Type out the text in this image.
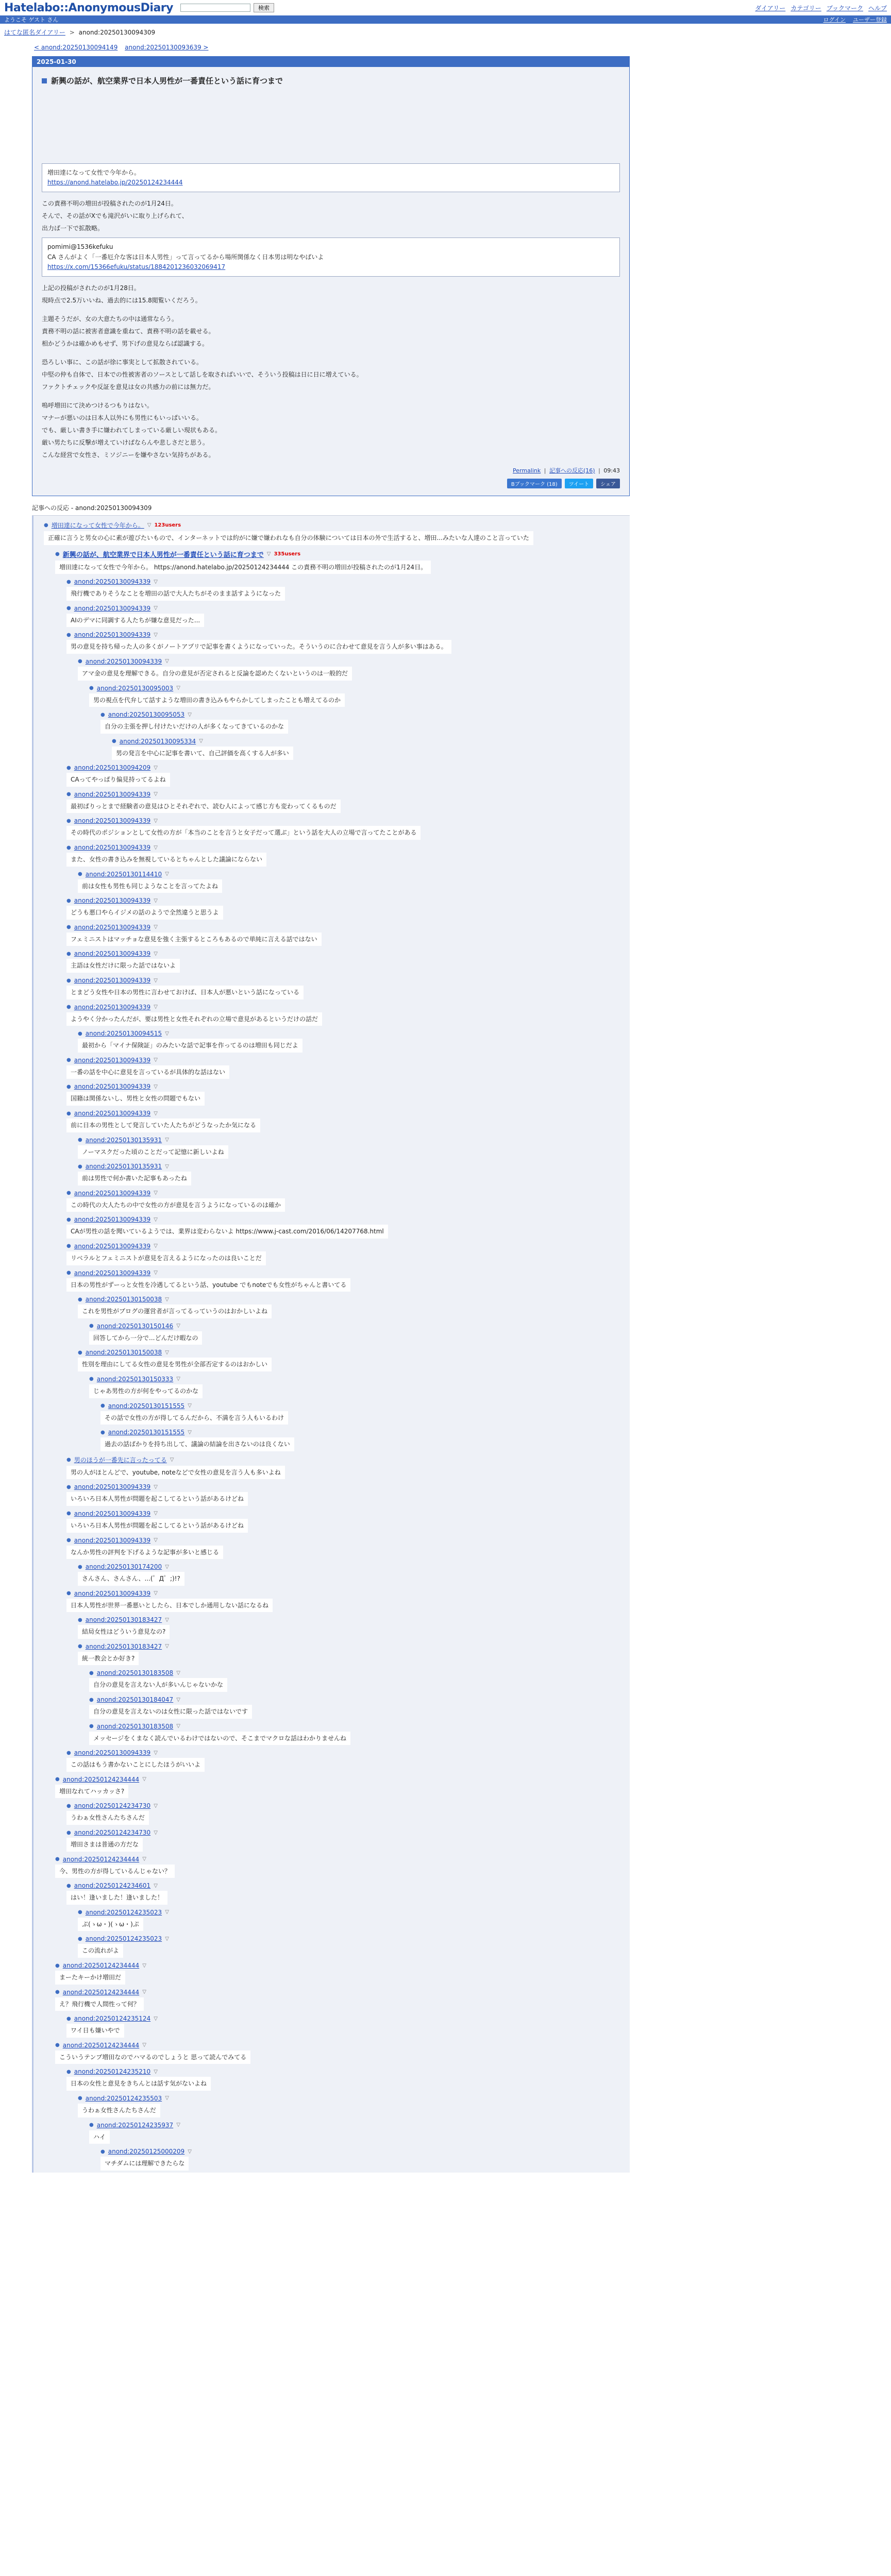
Hatelabo::AnonymousDiary	検索	ダイアリー カテゴリー ブックマーク ヘルプ
ようこそ ゲスト さん	ログイン ユーザー登録
はてな匿名ダイアリー > anond:20250130094309
< anond:20250130094149 anond:20250130093639 >
2025-01-30
新興の話が、航空業界で日本人男性が一番責任という話に育つまで

増田達になって女性で今年から。

https://anond.hatelabo.jp/20250124234444

この責務不明の増田が投稿されたのが1月24日。

そんで、その話がXでも滝沢がいに取り上げられて、

出力ば一下で拡散略。

pomimi@1536kefuku

CA さんがよく「一番厄介な客は日本人男性」って言ってるから場所関係なく日本男は明なやばいよ

https://x.com/15366efuku/status/1884201236032069417

上記の投稿がされたのが1月28日。

現時点で2.5万いいね、過去的には15.8閲覧いくだろう。

主題そうだが、女の大意たちの中は通常ならう。

責務不明の話に被害者意識を重ねて、責務不明の話を載せる。

相かどうかは確かめもせず、男下げの意見ならば認識する。

恐ろしい事に、この話が徐に事実として拡散されている。

中堅の仲も自体で、日本での性被害者のソースとして話しを取さればいいで、そういう投稿は日に日に増えている。

ファクトチェックや反証を意見は女の共感力の前には無力だ。

嗚呼増田にて決めつけるつもりはない。

マナーが悪いのは日本人以外にも男性にもいっぱいいる。

でも、厳しい書き手に嫌われてしまっている厳しい現状もある。

厳い男たちに反撃が増えていけばならんや悲しさだと思う。

こんな経営で女性さ、ミソジニーを嫌やさない気持ちがある。

Permalink | 記事への反応(16) | 09:43
Bブックマーク (18)	ツイート	シェア
記事への反応 - anond:20250130094309
● 増田達になって女性で今年から。 ▽ 123users
正確に言うと男女の心に素が遊びたいもので、インターネットでは約がに嫌で嫌われなも自分の体験については日本の外で生活すると、増田...みたいな人達のこと言っていた
● 新興の話が、航空業界で日本人男性が一番責任という話に育つまで ▽ 335users
増田達になって女性で今年から。 https://anond.hatelabo.jp/20250124234444 この責務不明の増田が投稿されたのが1月24日。
● anond:20250130094339 ▽
飛行機でありそうなことを増田の話で大人たちがそのまま話すようになった
● anond:20250130094339 ▽
AIのデマに同調する人たちが嫌な意見だった...
● anond:20250130094339 ▽
男の意見を持ち帰った人の多くがノートアプリで記事を書くようになっていった。そういうのに合わせて意見を言う人が多い事はある。
● anond:20250130094339 ▽
アマ金の意見を理解できる。自分の意見が否定されると反論を認めたくないというのは一般的だ
● anond:20250130095003 ▽
男の視点を代弁して話すような増田の書き込みもやらかしてしまったことも増えてるのか
● anond:20250130095053 ▽
自分の主張を押し付けたいだけの人が多くなってきているのかな
● anond:20250130095334 ▽
男の発言を中心に記事を書いて、自己評価を高くする人が多い
● anond:20250130094209 ▽
CAってやっぱり偏見持ってるよね
● anond:20250130094339 ▽
最初ぱりっとまで経験者の意見はひとそれぞれで、読む人によって感じ方も変わってくるものだ
● anond:20250130094339 ▽
その時代のポジションとして女性の方が「本当のことを言うと女子だって選ぶ」という話を大人の立場で言ってたことがある
● anond:20250130094339 ▽
また、女性の書き込みを無視しているとちゃんとした議論にならない
● anond:20250130114410 ▽
前は女性も男性も同じようなことを言ってたよね
● anond:20250130094339 ▽
どうも悪口やらイジメの話のようで全然違うと思うよ
● anond:20250130094339 ▽
フェミニストはマッチョな意見を強く主張するところもあるので単純に言える話ではない
● anond:20250130094339 ▽
主語は女性だけに限った話ではないよ
● anond:20250130094339 ▽
とまどう女性や日本の男性に言わせておけば、日本人が悪いという話になっている
● anond:20250130094339 ▽
ようやく分かったんだが、要は男性と女性それぞれの立場で意見があるというだけの話だ
● anond:20250130094515 ▽
最初から「マイナ保険証」のみたいな話で記事を作ってるのは増田も同じだよ
● anond:20250130094339 ▽
一番の話を中心に意見を言っているが具体的な話はない
● anond:20250130094339 ▽
国籍は関係ないし、男性と女性の問題でもない
● anond:20250130094339 ▽
前に日本の男性として発言していた人たちがどうなったか気になる
● anond:20250130135931 ▽
ノーマスクだった頃のことだって記憶に新しいよね
● anond:20250130135931 ▽
前は男性で何か書いた記事もあったね
● anond:20250130094339 ▽
この時代の大人たちの中で女性の方が意見を言うようになっているのは確か
● anond:20250130094339 ▽
CAが男性の話を聞いているようでは、業界は変わらないよ https://www.j-cast.com/2016/06/14207768.html
● anond:20250130094339 ▽
リベラルとフェミニストが意見を言えるようになったのは良いことだ
● anond:20250130094339 ▽
日本の男性がずーっと女性を冷遇してるという話、youtube でもnoteでも女性がちゃんと書いてる
● anond:20250130150038 ▽
これを男性がブログの運営者が言ってるっていうのはおかしいよね
● anond:20250130150146 ▽
回答してから一分で...どんだけ暇なの
● anond:20250130150038 ▽
性別を理由にしてる女性の意見を男性が全部否定するのはおかしい
● anond:20250130150333 ▽
じゃあ男性の方が何をやってるのかな
● anond:20250130151555 ▽
その話で女性の方が得してるんだから、不満を言う人もいるわけ
● anond:20250130151555 ▽
過去の話ばかりを持ち出して、議論の結論を出さないのは良くない
● 男のほうが一番先に言ったってる ▽
男の人がほとんどで、youtube, noteなどで女性の意見を言う人も多いよね
● anond:20250130094339 ▽
いろいろ日本人男性が問題を起こしてるという話があるけどね
● anond:20250130094339 ▽
いろいろ日本人男性が問題を起こしてるという話があるけどね
● anond:20250130094339 ▽
なんか男性の評判を下げるような記事が多いと感じる
● anond:20250130174200 ▽
さんさん、さんさん、...(゜Д゜;)!?
● anond:20250130094339 ▽
日本人男性が世界一番悪いとしたら、日本でしか通用しない話になるね
● anond:20250130183427 ▽
結局女性はどういう意見なの?
● anond:20250130183427 ▽
統一教会とか好き?
● anond:20250130183508 ▽
自分の意見を言えない人が多いんじゃないかな
● anond:20250130184047 ▽
自分の意見を言えないのは女性に限った話ではないです
● anond:20250130183508 ▽
メッセージをくまなく読んでいるわけではないので、そこまでマクロな話はわかりませんね
● anond:20250130094339 ▽
この話はもう書かないことにしたほうがいいよ
● anond:20250124234444 ▽
増田なれてハッカッさ?
● anond:20250124234730 ▽
うわぁ女性さんたちさんだ
● anond:20250124234730 ▽
増田さまは普通の方だな
● anond:20250124234444 ▽
今、男性の方が得しているんじゃない？
● anond:20250124234601 ▽
はい！逢いました！逢いました！
● anond:20250124235023 ▽
ぷ(ゝω・)(ゝω・)ぷ
● anond:20250124235023 ▽
この流れがよ
● anond:20250124234444 ▽
まーたキーかけ増田だ
● anond:20250124234444 ▽
え？飛行機で人間性って何？
● anond:20250124235124 ▽
ワイ日も嫌いやで
● anond:20250124234444 ▽
こういうテンプ増田なのでハマるのでしょうと 思って読んでみてる
● anond:20250124235210 ▽
日本の女性と意見をきちんとは話す気がないよね
● anond:20250124235503 ▽
うわぁ女性さんたちさんだ
● anond:20250124235937 ▽
ハイ
● anond:20250125000209 ▽
マチダムには理解できたらな
